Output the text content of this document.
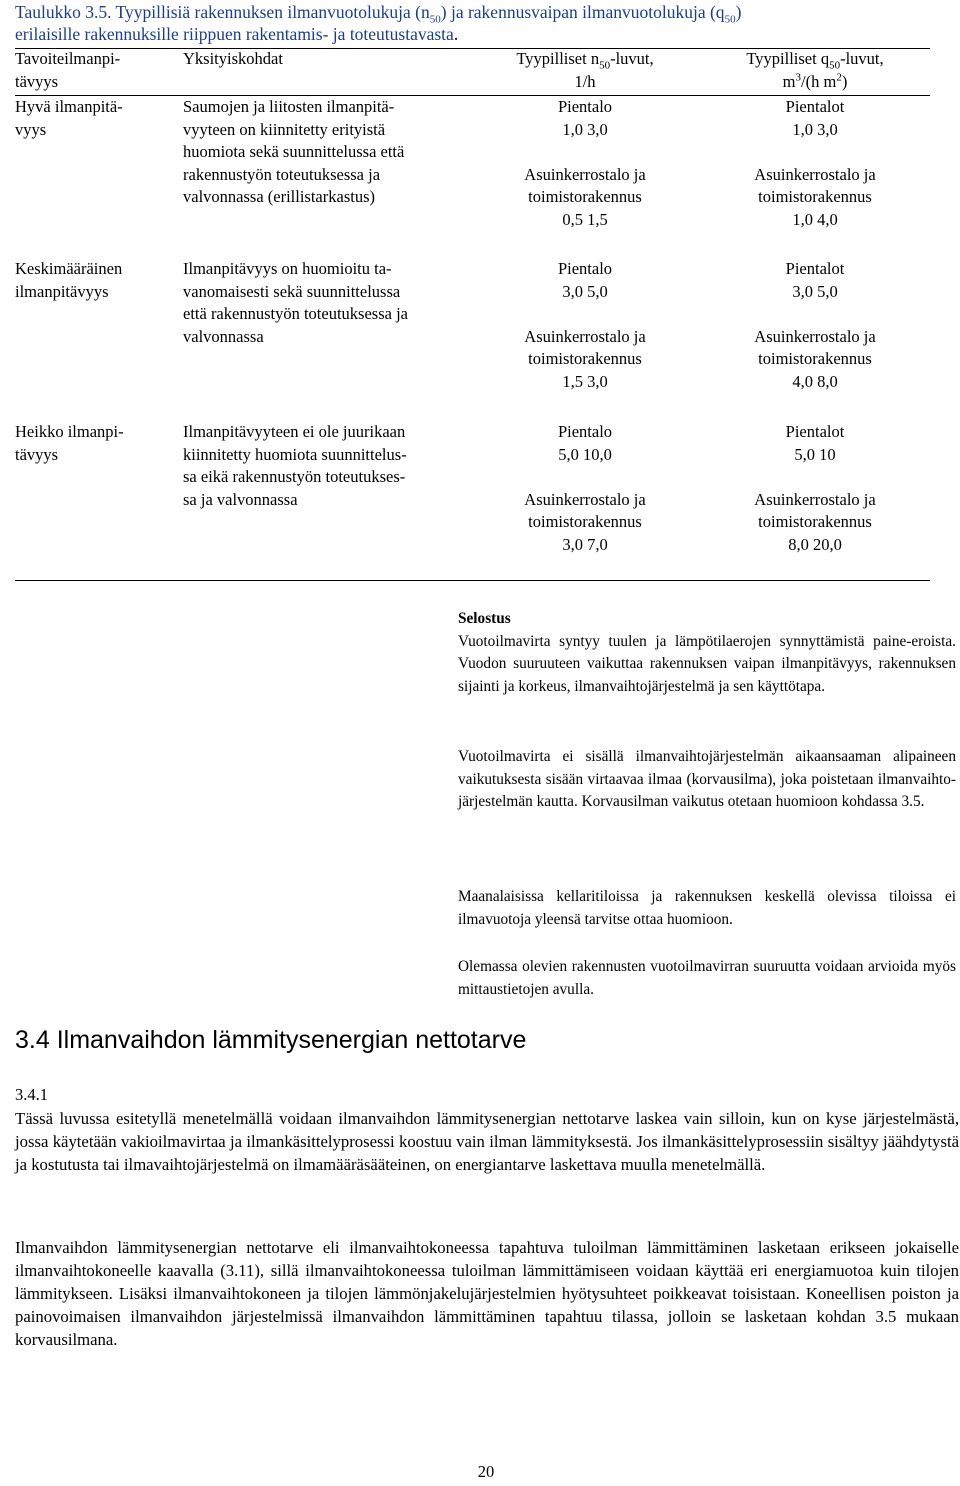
Taulukko 3.5. Tyypillisiä rakennuksen ilmanvuotolukuja $(n_{50})$ ja rakennusvaipan ilmanvuotolukuja $(q_{50})$
erilaisille rakennuksille riippuen rakentamis- ja toteutustavasta.
Tavoiteilmanpi-
tävyys
Yksityiskohdat	Tyypilliset $n_{50}$-luvut,
1/h
Tyypilliset $q_{50}$-luvut,
$m^3/(h$ $m^2$)
Hyvä ilmanpitä-
vyys
Saumojen ja liitosten ilmanpitä-
vyyteen on kiinnitetty erityistä
huomiota sekä suunnittelussa että
rakennustyön toteutuksessa ja
valvonnassa (erillistarkastus)
Pientalo
1,0 3,0

Asuinkerrostalo ja
toimistorakennus
0,5 1,5
Pientalot
1,0 3,0

Asuinkerrostalo ja
toimistorakennus
1,0 4,0
Keskimääräinen
ilmanpitävyys
Ilmanpitävyys on huomioitu ta-
vanomaisesti sekä suunnittelussa
että rakennustyön toteutuksessa ja
valvonnassa
Pientalo
3,0 5,0

Asuinkerrostalo ja
toimistorakennus
1,5 3,0
Pientalot
3,0 5,0

Asuinkerrostalo ja
toimistorakennus
4,0 8,0
Heikko ilmanpi-
tävyys
Ilmanpitävyyteen ei ole juurikaan
kiinnitetty huomiota suunnittelus-
sa eikä rakennustyön toteutukses-
sa ja valvonnassa
Pientalo
5,0 10,0

Asuinkerrostalo ja
toimistorakennus
3,0 7,0
Pientalot
5,0 10

Asuinkerrostalo ja
toimistorakennus
8,0 20,0

Selostus

Vuotoilmavirta syntyy tuulen ja lämpötilaerojen synnyttämistä paine-eroista. Vuodon suuruuteen vaikuttaa rakennuksen vaipan ilmanpitävyys, rakennuksen sijainti ja korkeus, ilmanvaihtojärjestelmä ja sen käyttötapa.

Vuotoilmavirta ei sisällä ilmanvaihtojärjestelmän aikaansaaman alipaineen vaikutuksesta sisään virtaavaa ilmaa (korvausilma), joka poistetaan ilmanvaihto-järjestelmän kautta. Korvausilman vaikutus otetaan huomioon kohdassa 3.5.

Maanalaisissa kellaritiloissa ja rakennuksen keskellä olevissa tiloissa ei ilmavuotoja yleensä tarvitse ottaa huomioon.

Olemassa olevien rakennusten vuotoilmavirran suuruutta voidaan arvioida myös mittaustietojen avulla.

3.4 Ilmanvaihdon lämmitysenergian nettotarve
3.4.1
Tässä luvussa esitetyllä menetelmällä voidaan ilmanvaihdon lämmitysenergian nettotarve laskea vain silloin, kun on kyse järjestelmästä, jossa käytetään vakioilmavirtaa ja ilmankäsittelyprosessi koostuu vain ilman lämmityksestä. Jos ilmankäsittelyprosessiin sisältyy jäähdytystä ja kostutusta tai ilmavaihtojärjestelmä on ilmamääräsääteinen, on energiantarve laskettava muulla menetelmällä.
Ilmanvaihdon lämmitysenergian nettotarve eli ilmanvaihtokoneessa tapahtuva tuloilman lämmittäminen lasketaan erikseen jokaiselle ilmanvaihtokoneelle kaavalla (3.11), sillä ilmanvaihtokoneessa tuloilman lämmittämiseen voidaan käyttää eri energiamuotoa kuin tilojen lämmitykseen. Lisäksi ilmanvaihtokoneen ja tilojen lämmönjakelujärjestelmien hyötysuhteet poikkeavat toisistaan. Koneellisen poiston ja painovoimaisen ilmanvaihdon järjestelmissä ilmanvaihdon lämmittäminen tapahtuu tilassa, jolloin se lasketaan kohdan 3.5 mukaan korvausilmana.
20
